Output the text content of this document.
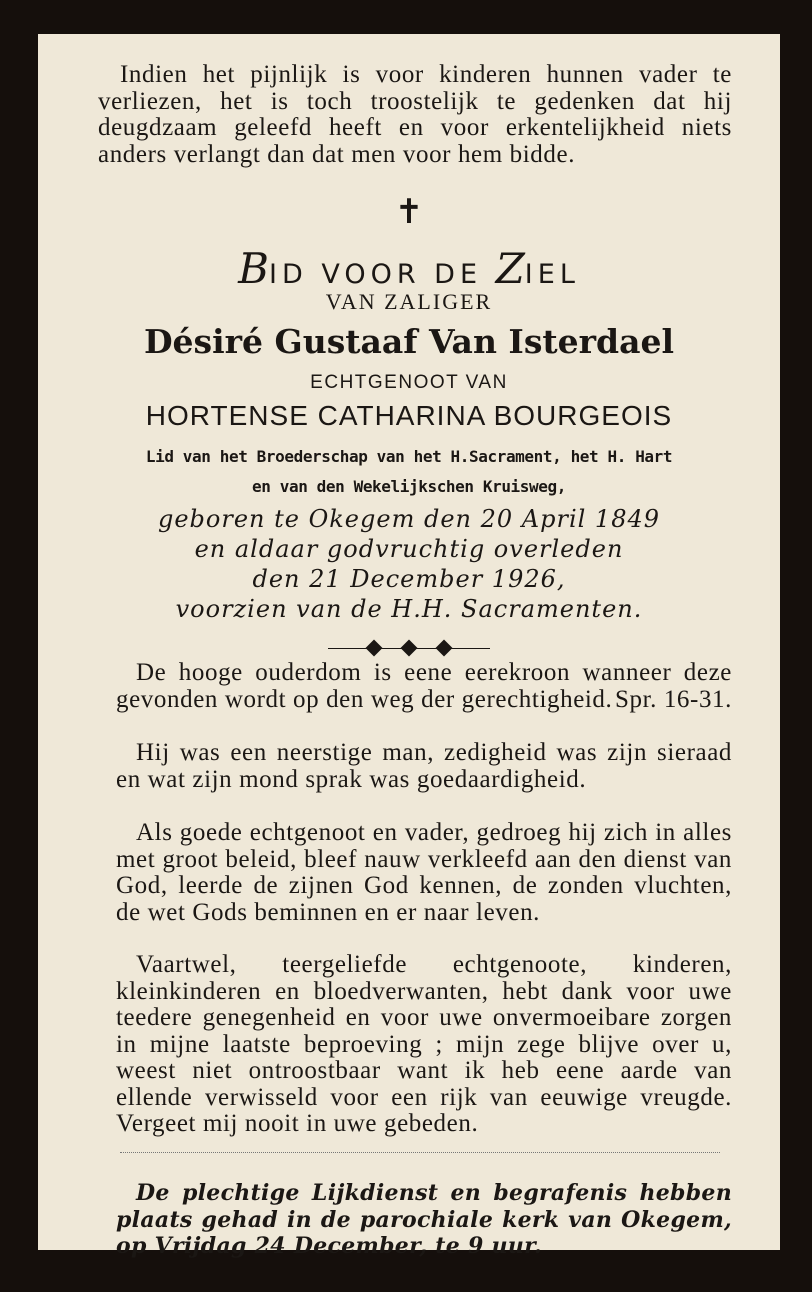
Indien het pijnlijk is voor kinderen hunnen vader te verliezen, het is toch troostelijk te gedenken dat hij deugdzaam geleefd heeft en voor erkentelijkheid niets anders verlangt dan dat men voor hem bidde.

✝
BID VOOR DE ZIEL
VAN ZALIGER
Désiré Gustaaf Van Isterdael
ECHTGENOOT VAN
HORTENSE CATHARINA BOURGEOIS
Lid van het Broederschap van het H.Sacrament, het H. Hart
en van den Wekelijkschen Kruisweg,
geboren te Okegem den 20 April 1849
en aldaar godvruchtig overleden
den 21 December 1926,
voorzien van de H.H. Sacramenten.

De hooge ouderdom is eene eerekroon wanneer deze gevonden wordt op den weg der gerechtigheid. Spr. 16-31.

Hij was een neerstige man, zedigheid was zijn sieraad en wat zijn mond sprak was goedaardigheid.

Als goede echtgenoot en vader, gedroeg hij zich in alles met groot beleid, bleef nauw verkleefd aan den dienst van God, leerde de zijnen God kennen, de zonden vluchten, de wet Gods beminnen en er naar leven.

Vaartwel, teergeliefde echtgenoote, kinderen, kleinkinderen en bloedverwanten, hebt dank voor uwe teedere genegenheid en voor uwe onvermoeibare zorgen in mijne laatste beproeving ; mijn zege blijve over u, weest niet ontroostbaar want ik heb eene aarde van ellende verwisseld voor een rijk van eeuwige vreugde. Vergeet mij nooit in uwe gebeden.

De plechtige Lijkdienst en begrafenis hebben plaats gehad in de parochiale kerk van Okegem, op Vrijdag 24 December, te 9 uur.
